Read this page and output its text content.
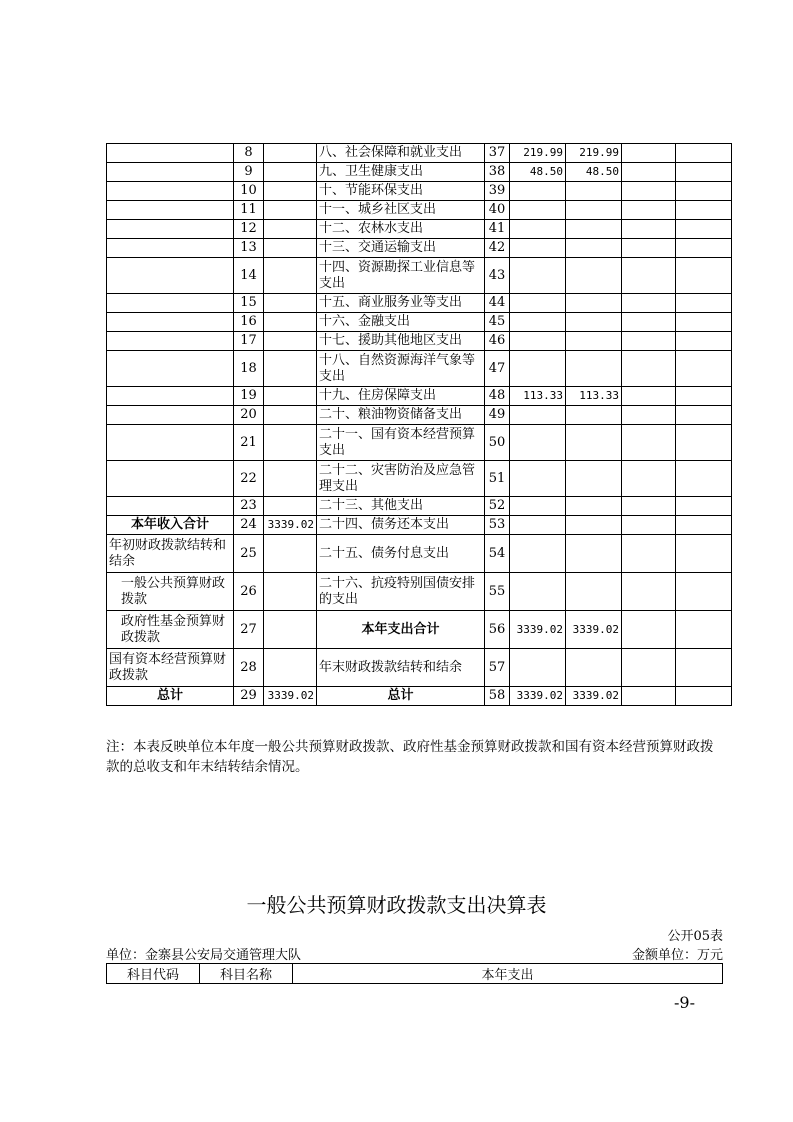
	8		八、社会保障和就业支出	37	219.99	219.99		
	9		九、卫生健康支出	38	48.50	48.50		
	10		十、节能环保支出	39				
	11		十一、城乡社区支出	40				
	12		十二、农林水支出	41				
	13		十三、交通运输支出	42				
	14		十四、资源勘探工业信息等支出	43				
	15		十五、商业服务业等支出	44				
	16		十六、金融支出	45				
	17		十七、援助其他地区支出	46				
	18		十八、自然资源海洋气象等支出	47				
	19		十九、住房保障支出	48	113.33	113.33		
	20		二十、粮油物资储备支出	49				
	21		二十一、国有资本经营预算支出	50				
	22		二十二、灾害防治及应急管理支出	51				
	23		二十三、其他支出	52				
本年收入合计	24	3339.02	二十四、债务还本支出	53				
年初财政拨款结转和结余	25		二十五、债务付息支出	54				
一般公共预算财政拨款	26		二十六、抗疫特别国债安排的支出	55				
政府性基金预算财政拨款	27		本年支出合计	56	3339.02	3339.02		
国有资本经营预算财政拨款	28		年末财政拨款结转和结余	57				
总计	29	3339.02	总计	58	3339.02	3339.02		
注：本表反映单位本年度一般公共预算财政拨款、政府性基金预算财政拨款和国有资本经营预算财政拨款的总收支和年末结转结余情况。
一般公共预算财政拨款支出决算表
公开05表
单位：金寨县公安局交通管理大队	金额单位：万元
科目代码	科目名称	本年支出
-9-
